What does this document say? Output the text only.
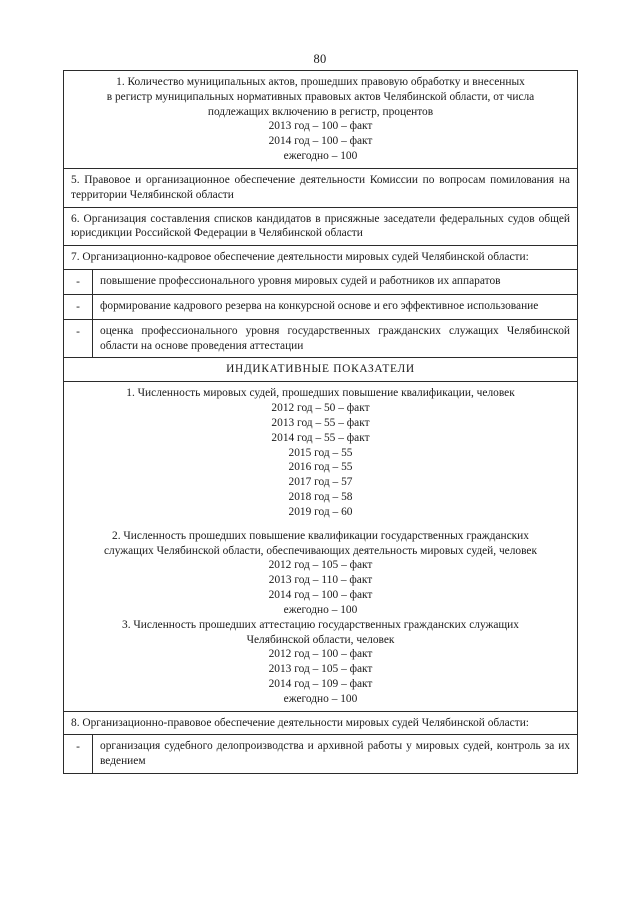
80
1. Количество муниципальных актов, прошедших правовую обработку и внесенных
в регистр муниципальных нормативных правовых актов Челябинской области, от числа
подлежащих включению в регистр, процентов
2013 год – 100 – факт
2014 год – 100 – факт
ежегодно – 100

5. Правовое и организационное обеспечение деятельности Комиссии по вопросам помилования на территории Челябинской области	
6. Организация составления списков кандидатов в присяжные заседатели федеральных судов общей юрисдикции Российской Федерации в Челябинской области	
7. Организационно-кадровое обеспечение деятельности мировых судей Челябинской области:	
-	повышение профессионального уровня мировых судей и работников их аппаратов
-	формирование кадрового резерва на конкурсной основе и его эффективное использование
-	оценка профессионального уровня государственных гражданских служащих Челябинской области на основе проведения аттестации
ИНДИКАТИВНЫЕ ПОКАЗАТЕЛИ	

1. Численность мировых судей, прошедших повышение квалификации, человек
2012 год – 50 – факт
2013 год – 55 – факт
2014 год – 55 – факт
2015 год – 55
2016 год – 55
2017 год – 57
2018 год – 58
2019 год – 60
2. Численность прошедших повышение квалификации государственных гражданских
служащих Челябинской области, обеспечивающих деятельность мировых судей, человек
2012 год – 105 – факт
2013 год – 110 – факт
2014 год – 100 – факт
ежегодно – 100
3. Численность прошедших аттестацию государственных гражданских служащих
Челябинской области, человек
2012 год – 100 – факт
2013 год – 105 – факт
2014 год – 109 – факт
ежегодно – 100

8. Организационно-правовое обеспечение деятельности мировых судей Челябинской области:	
-	организация судебного делопроизводства и архивной работы у мировых судей, контроль за их ведением
